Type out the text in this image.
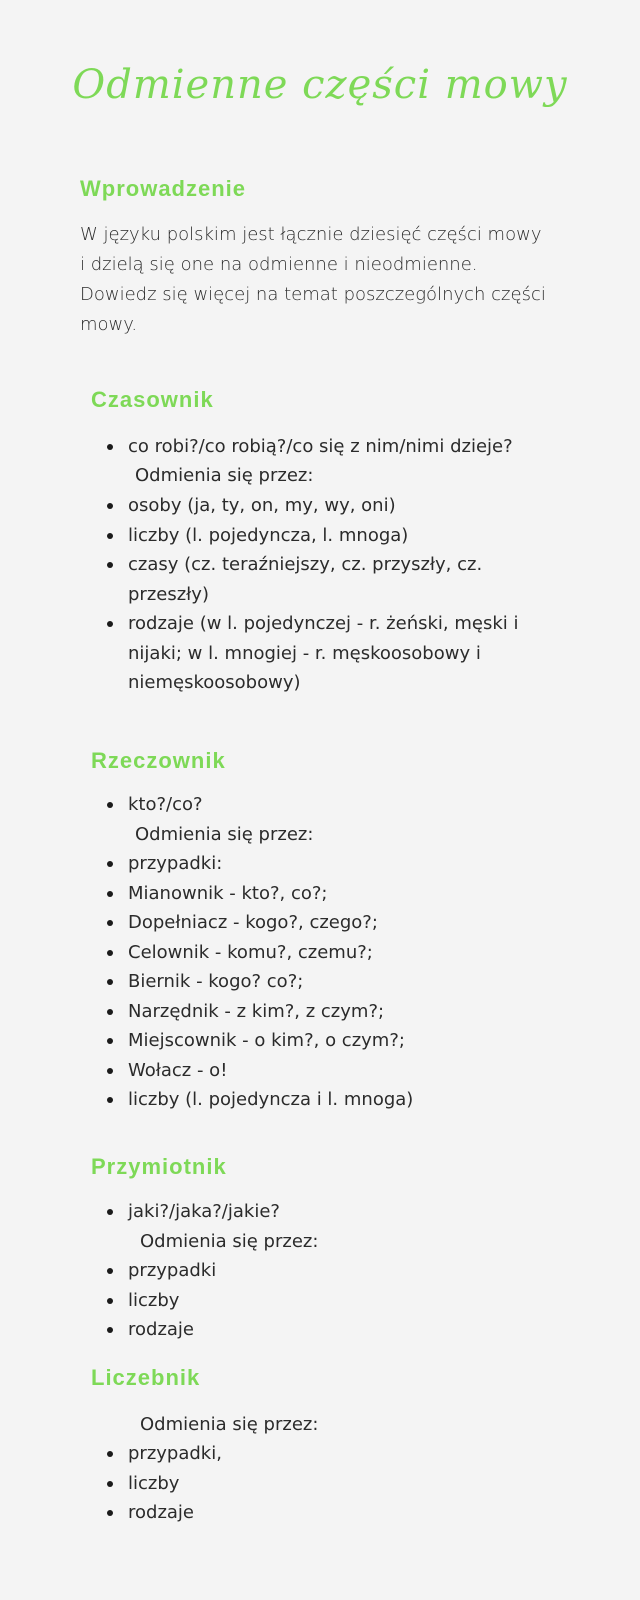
Odmienne części mowy
Wprowadzenie
W języku polskim jest łącznie dziesięć części mowy i dzielą się one na odmienne i nieodmienne. Dowiedz się więcej na temat poszczególnych części mowy.
Czasownik
co robi?/co robią?/co się z nim/nimi dzieje?
Odmienia się przez:
osoby (ja, ty, on, my, wy, oni)
liczby (l. pojedyncza, l. mnoga)
czasy (cz. teraźniejszy, cz. przyszły, cz. przeszły)
rodzaje (w l. pojedynczej - r. żeński, męski i nijaki; w l. mnogiej - r. męskoosobowy i niemęskoosobowy)
Rzeczownik
kto?/co?
Odmienia się przez:
przypadki:
Mianownik - kto?, co?;
Dopełniacz - kogo?, czego?;
Celownik - komu?, czemu?;
Biernik - kogo? co?;
Narzędnik - z kim?, z czym?;
Miejscownik - o kim?, o czym?;
Wołacz - o!
liczby (l. pojedyncza i l. mnoga)
Przymiotnik
jaki?/jaka?/jakie?
Odmienia się przez:
przypadki
liczby
rodzaje
Liczebnik
Odmienia się przez:
przypadki,
liczby
rodzaje
